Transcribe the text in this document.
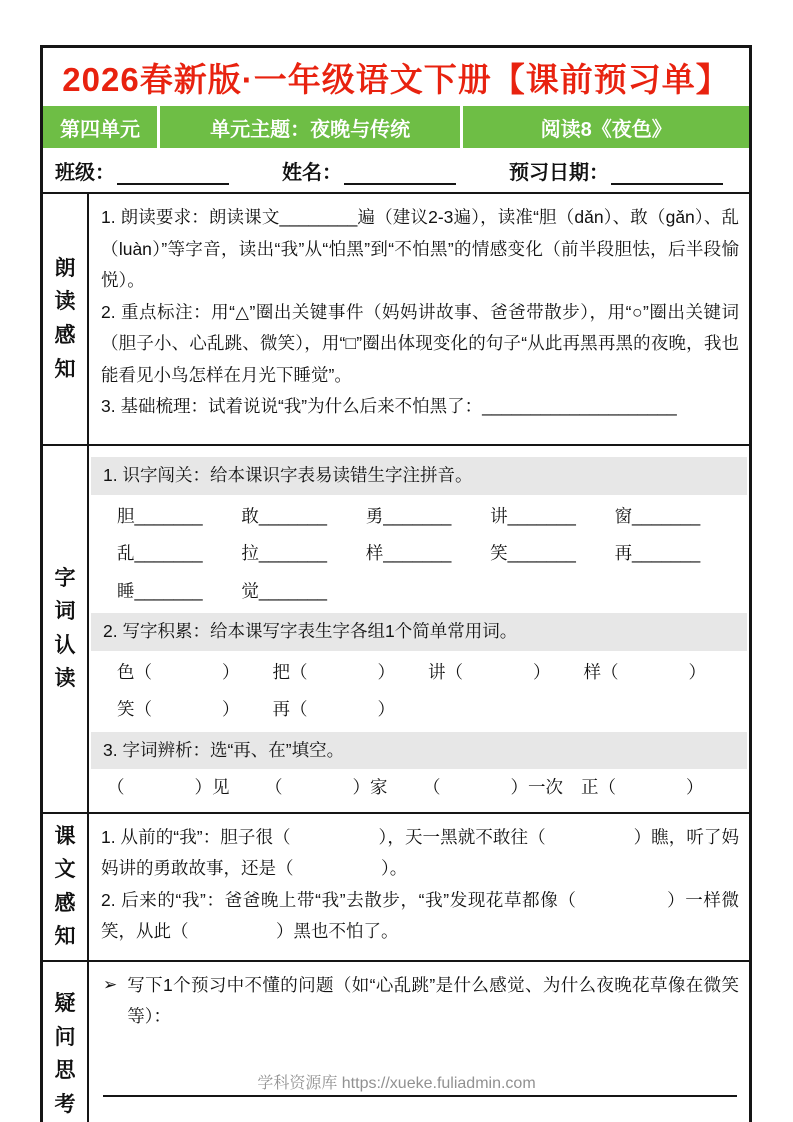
2026春新版·一年级语文下册【课前预习单】
第四单元	单元主题：夜晚与传统	阅读8《夜色》
班级：	姓名：	预习日期：
朗读感知
1. 朗读要求：朗读课文________遍（建议2-3遍），读准“胆（dǎn）、敢（gǎn）、乱（luàn）”等字音，读出“我”从“怕黑”到“不怕黑”的情感变化（前半段胆怯，后半段愉悦）。
2. 重点标注：用“△”圈出关键事件（妈妈讲故事、爸爸带散步），用“○”圈出关键词（胆子小、心乱跳、微笑），用“□”圈出体现变化的句子“从此再黑再黑的夜晚，我也能看见小鸟怎样在月光下睡觉”。
3. 基础梳理：试着说说“我”为什么后来不怕黑了：____________________
字词认读
1. 识字闯关：给本课识字表易读错生字注拼音。
胆_______	敢_______	勇_______	讲_______	窗_______
乱_______	拉_______	样_______	笑_______	再_______
睡_______	觉_______
2. 写字积累：给本课写字表生字各组1个简单常用词。
色（　　　　）	把（　　　　）	讲（　　　　）	样（　　　　）
笑（　　　　）	再（　　　　）
3. 字词辨析：选“再、在”填空。
（　　　　）见	（　　　　）家	（　　　　）一次	正（　　　　）
课文感知
1. 从前的“我”：胆子很（　　　　　），天一黑就不敢往（　　　　　）瞧，听了妈妈讲的勇敢故事，还是（　　　　　）。
2. 后来的“我”：爸爸晚上带“我”去散步，“我”发现花草都像（　　　　　）一样微笑，从此（　　　　　）黑也不怕了。
疑问思考
➢ 写下1个预习中不懂的问题（如“心乱跳”是什么感觉、为什么夜晚花草像在微笑等）：
学科资源库 https://xueke.fuliadmin.com
